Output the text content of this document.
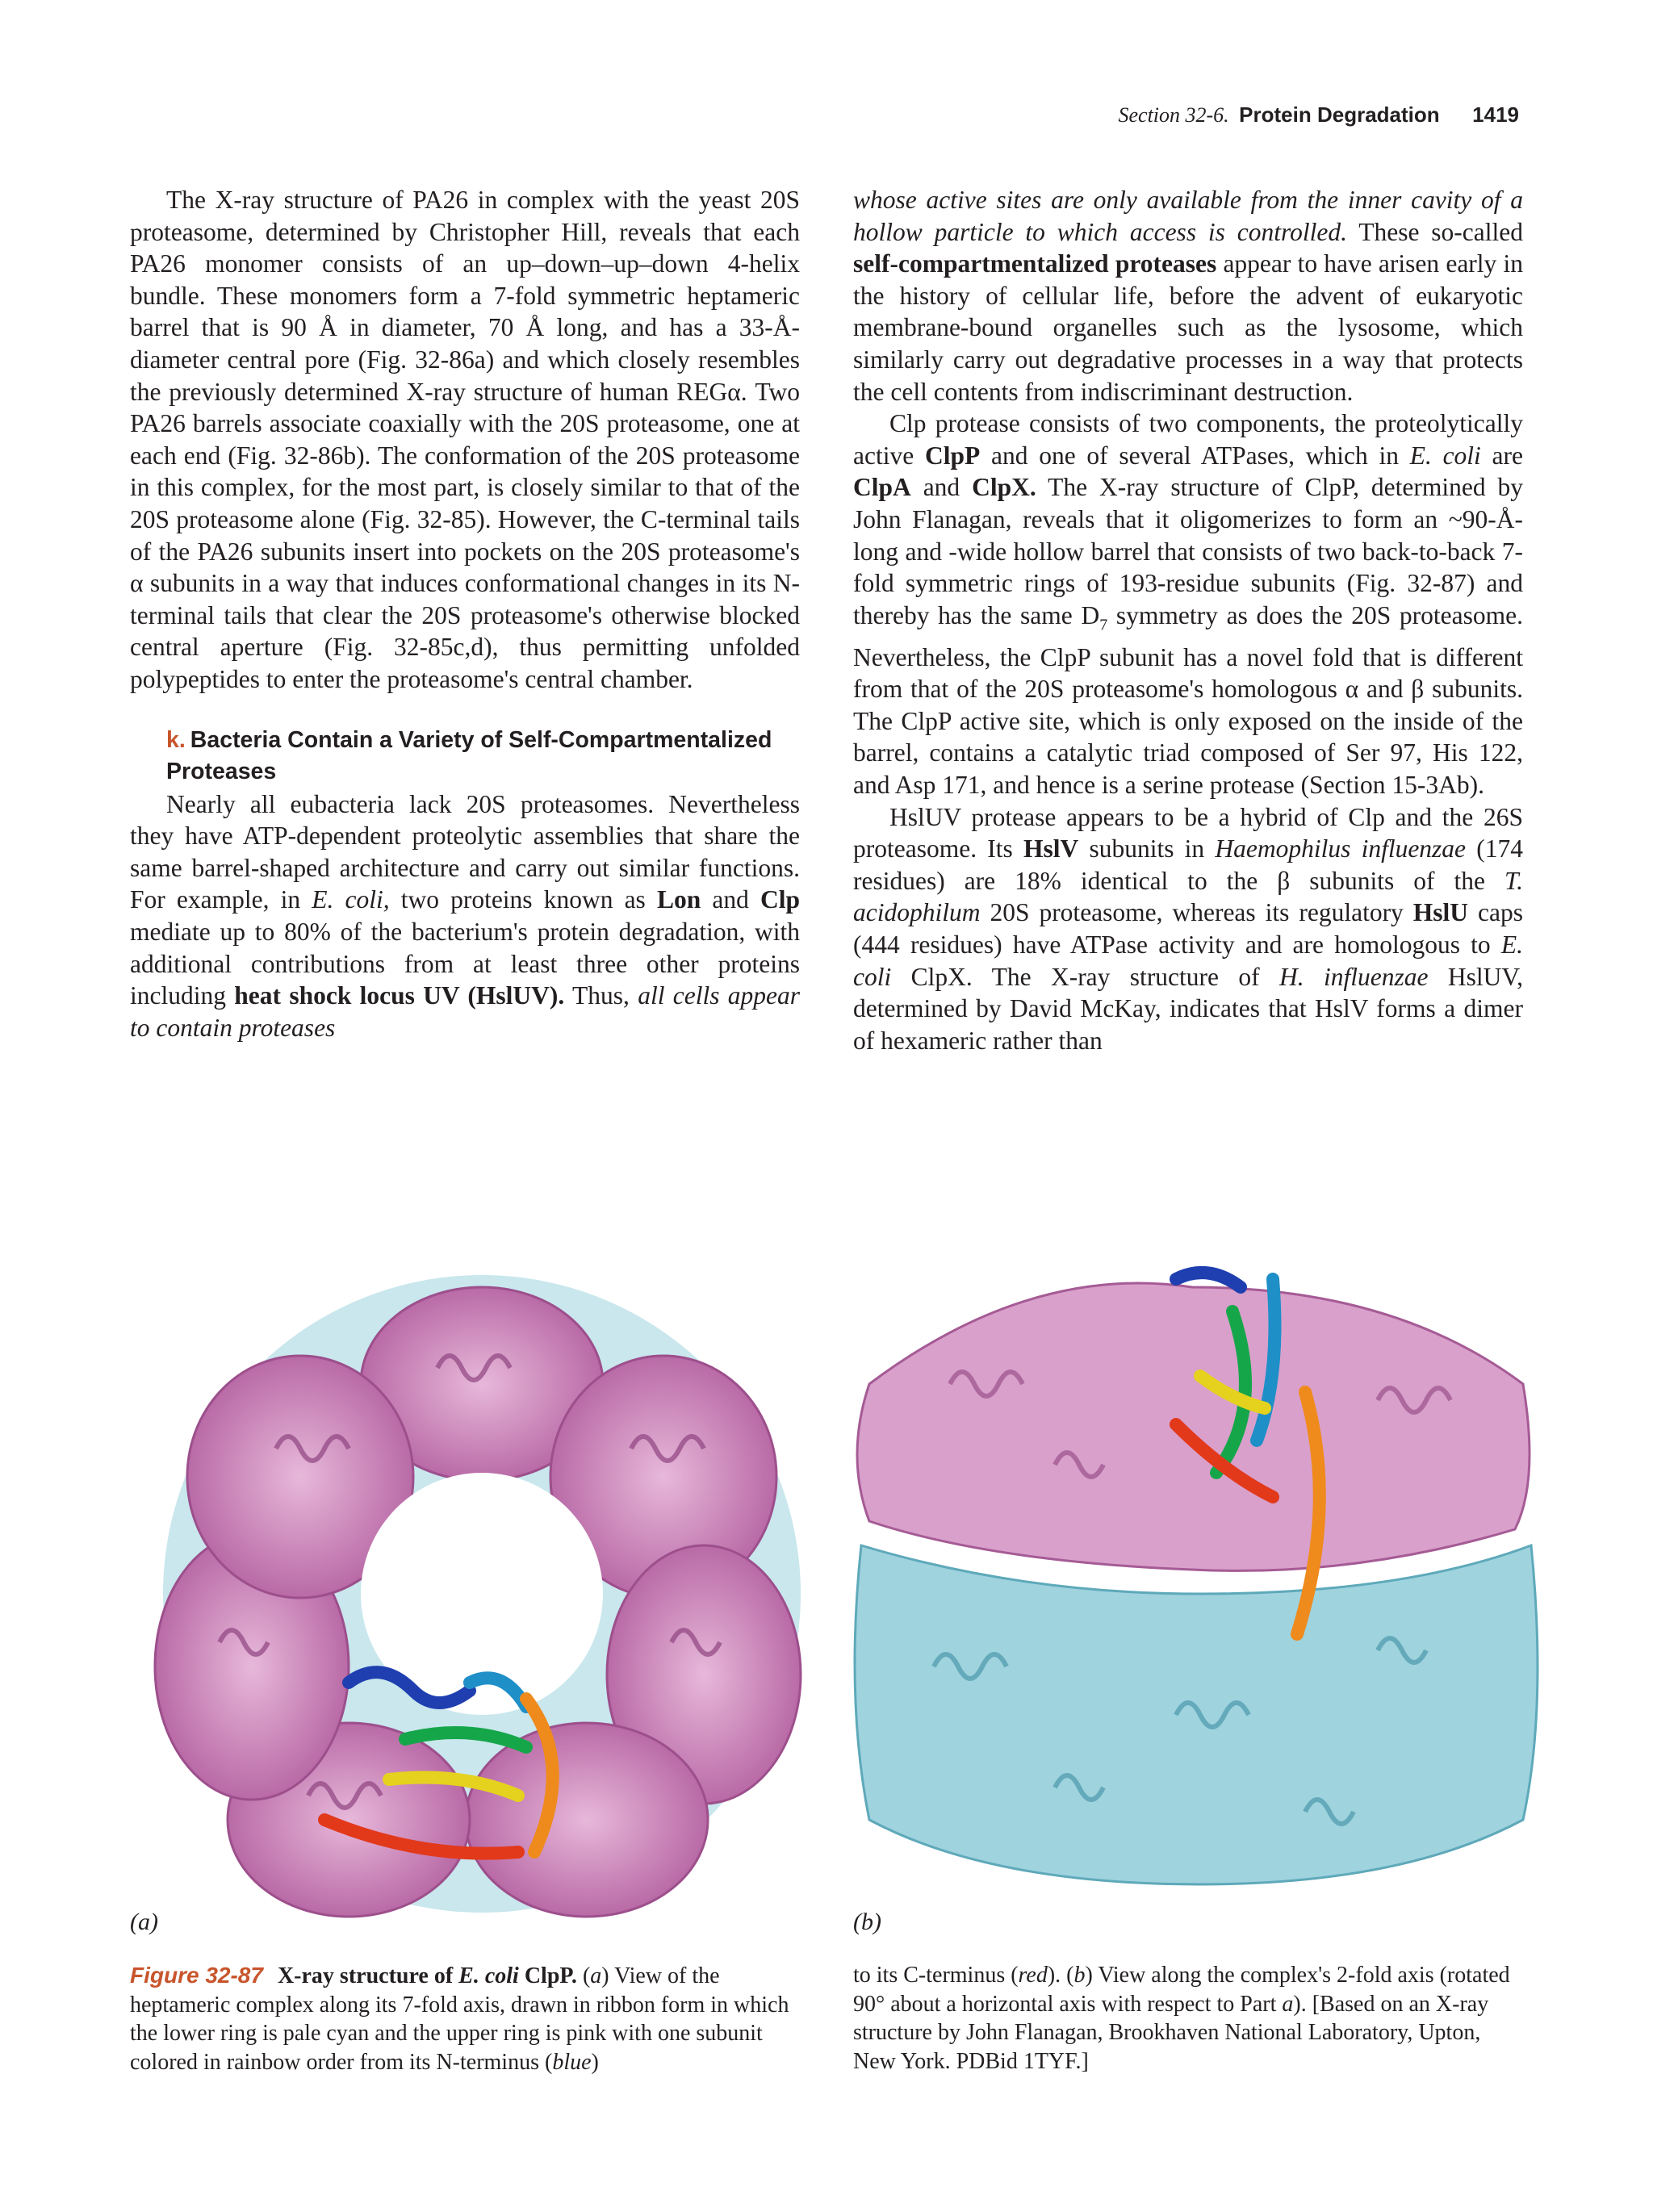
Section 32-6. Protein Degradation 1419

The X-ray structure of PA26 in complex with the yeast 20S proteasome, determined by Christopher Hill, reveals that each PA26 monomer consists of an up–down–up–down 4-helix bundle. These monomers form a 7-fold symmetric heptameric barrel that is 90 Å in diameter, 70 Å long, and has a 33-Å-diameter central pore (Fig. 32-86a) and which closely resembles the previously determined X-ray structure of human REGα. Two PA26 barrels associate coaxially with the 20S proteasome, one at each end (Fig. 32-86b). The conformation of the 20S proteasome in this complex, for the most part, is closely similar to that of the 20S proteasome alone (Fig. 32-85). However, the C-terminal tails of the PA26 subunits insert into pockets on the 20S proteasome's α subunits in a way that induces conformational changes in its N-terminal tails that clear the 20S proteasome's otherwise blocked central aperture (Fig. 32-85c,d), thus permitting unfolded polypeptides to enter the proteasome's central chamber.

k. Bacteria Contain a Variety of Self-Compartmentalized Proteases

Nearly all eubacteria lack 20S proteasomes. Nevertheless they have ATP-dependent proteolytic assemblies that share the same barrel-shaped architecture and carry out similar functions. For example, in E. coli, two proteins known as Lon and Clp mediate up to 80% of the bacterium's protein degradation, with additional contributions from at least three other proteins including heat shock locus UV (HslUV). Thus, all cells appear to contain proteases

whose active sites are only available from the inner cavity of a hollow particle to which access is controlled. These so-called self-compartmentalized proteases appear to have arisen early in the history of cellular life, before the advent of eukaryotic membrane-bound organelles such as the lysosome, which similarly carry out degradative processes in a way that protects the cell contents from indiscriminant destruction.

Clp protease consists of two components, the proteolytically active ClpP and one of several ATPases, which in E. coli are ClpA and ClpX. The X-ray structure of ClpP, determined by John Flanagan, reveals that it oligomerizes to form an ~90-Å-long and -wide hollow barrel that consists of two back-to-back 7-fold symmetric rings of 193-residue subunits (Fig. 32-87) and thereby has the same $D_7$ symmetry as does the 20S proteasome. Nevertheless, the ClpP subunit has a novel fold that is different from that of the 20S proteasome's homologous α and β subunits. The ClpP active site, which is only exposed on the inside of the barrel, contains a catalytic triad composed of Ser 97, His 122, and Asp 171, and hence is a serine protease (Section 15-3Ab).

HslUV protease appears to be a hybrid of Clp and the 26S proteasome. Its HslV subunits in Haemophilus influenzae (174 residues) are 18% identical to the β subunits of the T. acidophilum 20S proteasome, whereas its regulatory HslU caps (444 residues) have ATPase activity and are homologous to E. coli ClpX. The X-ray structure of H. influenzae HslUV, determined by David McKay, indicates that HslV forms a dimer of hexameric rather than

(a)	(b)
Figure 32-87 X-ray structure of E. coli ClpP. (a) View of the heptameric complex along its 7-fold axis, drawn in ribbon form in which the lower ring is pale cyan and the upper ring is pink with one subunit colored in rainbow order from its N-terminus (blue)
to its C-terminus (red). (b) View along the complex's 2-fold axis (rotated 90° about a horizontal axis with respect to Part a). [Based on an X-ray structure by John Flanagan, Brookhaven National Laboratory, Upton, New York. PDBid 1TYF.]
